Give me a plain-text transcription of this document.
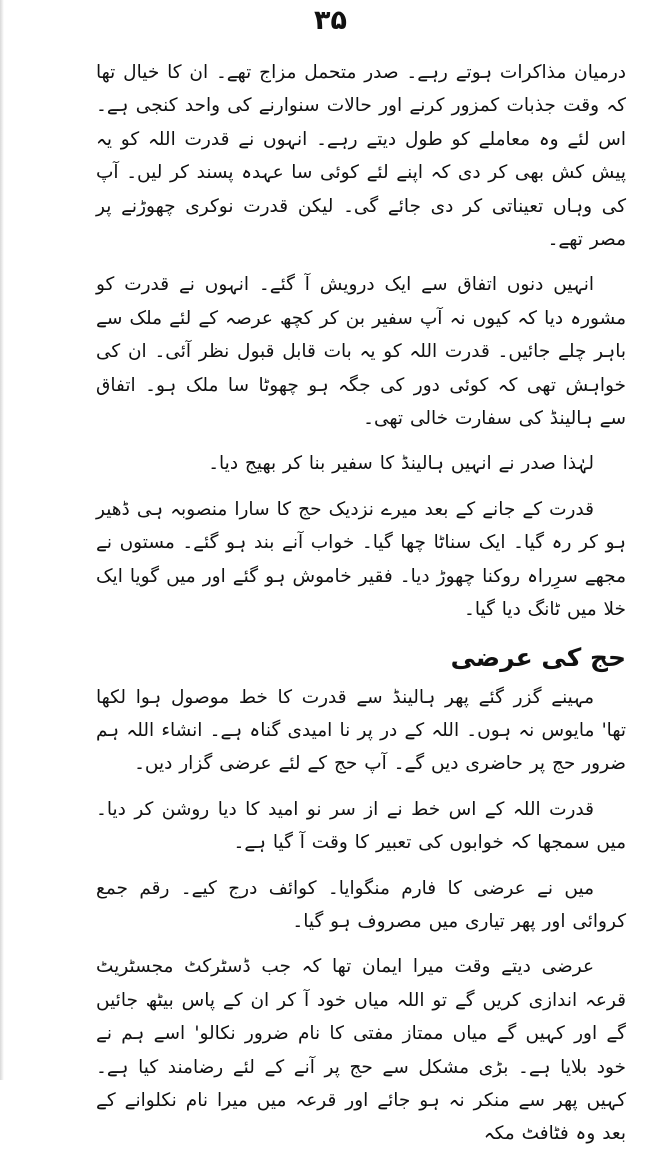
۳۵

درمیان مذاکرات ہوتے رہے۔ صدر متحمل مزاج تھے۔ ان کا خیال تھا کہ وقت جذبات کمزور کرنے اور حالات سنوارنے کی واحد کنجی ہے۔ اس لئے وہ معاملے کو طول دیتے رہے۔ انہوں نے قدرت اللہ کو یہ پیش کش بھی کر دی کہ اپنے لئے کوئی سا عہدہ پسند کر لیں۔ آپ کی وہاں تعیناتی کر دی جائے گی۔ لیکن قدرت نوکری چھوڑنے پر مصر تھے۔

انہیں دنوں اتفاق سے ایک درویش آ گئے۔ انہوں نے قدرت کو مشورہ دیا کہ کیوں نہ آپ سفیر بن کر کچھ عرصہ کے لئے ملک سے باہر چلے جائیں۔ قدرت اللہ کو یہ بات قابل قبول نظر آئی۔ ان کی خواہش تھی کہ کوئی دور کی جگہ ہو چھوٹا سا ملک ہو۔ اتفاق سے ہالینڈ کی سفارت خالی تھی۔

لہٰذا صدر نے انہیں ہالینڈ کا سفیر بنا کر بھیج دیا۔

قدرت کے جانے کے بعد میرے نزدیک حج کا سارا منصوبہ ہی ڈھیر ہو کر رہ گیا۔ ایک سناٹا چھا گیا۔ خواب آنے بند ہو گئے۔ مستوں نے مجھے سرِراہ روکنا چھوڑ دیا۔ فقیر خاموش ہو گئے اور میں گویا ایک خلا میں ٹانگ دیا گیا۔

حج کی عرضی

مہینے گزر گئے پھر ہالینڈ سے قدرت کا خط موصول ہوا لکھا تھا' مایوس نہ ہوں۔ اللہ کے در پر نا امیدی گناہ ہے۔ انشاء اللہ ہم ضرور حج پر حاضری دیں گے۔ آپ حج کے لئے عرضی گزار دیں۔

قدرت اللہ کے اس خط نے از سر نو امید کا دیا روشن کر دیا۔ میں سمجھا کہ خوابوں کی تعبیر کا وقت آ گیا ہے۔

میں نے عرضی کا فارم منگوایا۔ کوائف درج کیے۔ رقم جمع کروائی اور پھر تیاری میں مصروف ہو گیا۔

عرضی دیتے وقت میرا ایمان تھا کہ جب ڈسٹرکٹ مجسٹریٹ قرعہ اندازی کریں گے تو اللہ میاں خود آ کر ان کے پاس بیٹھ جائیں گے اور کہیں گے میاں ممتاز مفتی کا نام ضرور نکالو' اسے ہم نے خود بلایا ہے۔ بڑی مشکل سے حج پر آنے کے لئے رضامند کیا ہے۔ کہیں پھر سے منکر نہ ہو جائے اور قرعہ میں میرا نام نکلوانے کے بعد وہ فٹافٹ مکہ
